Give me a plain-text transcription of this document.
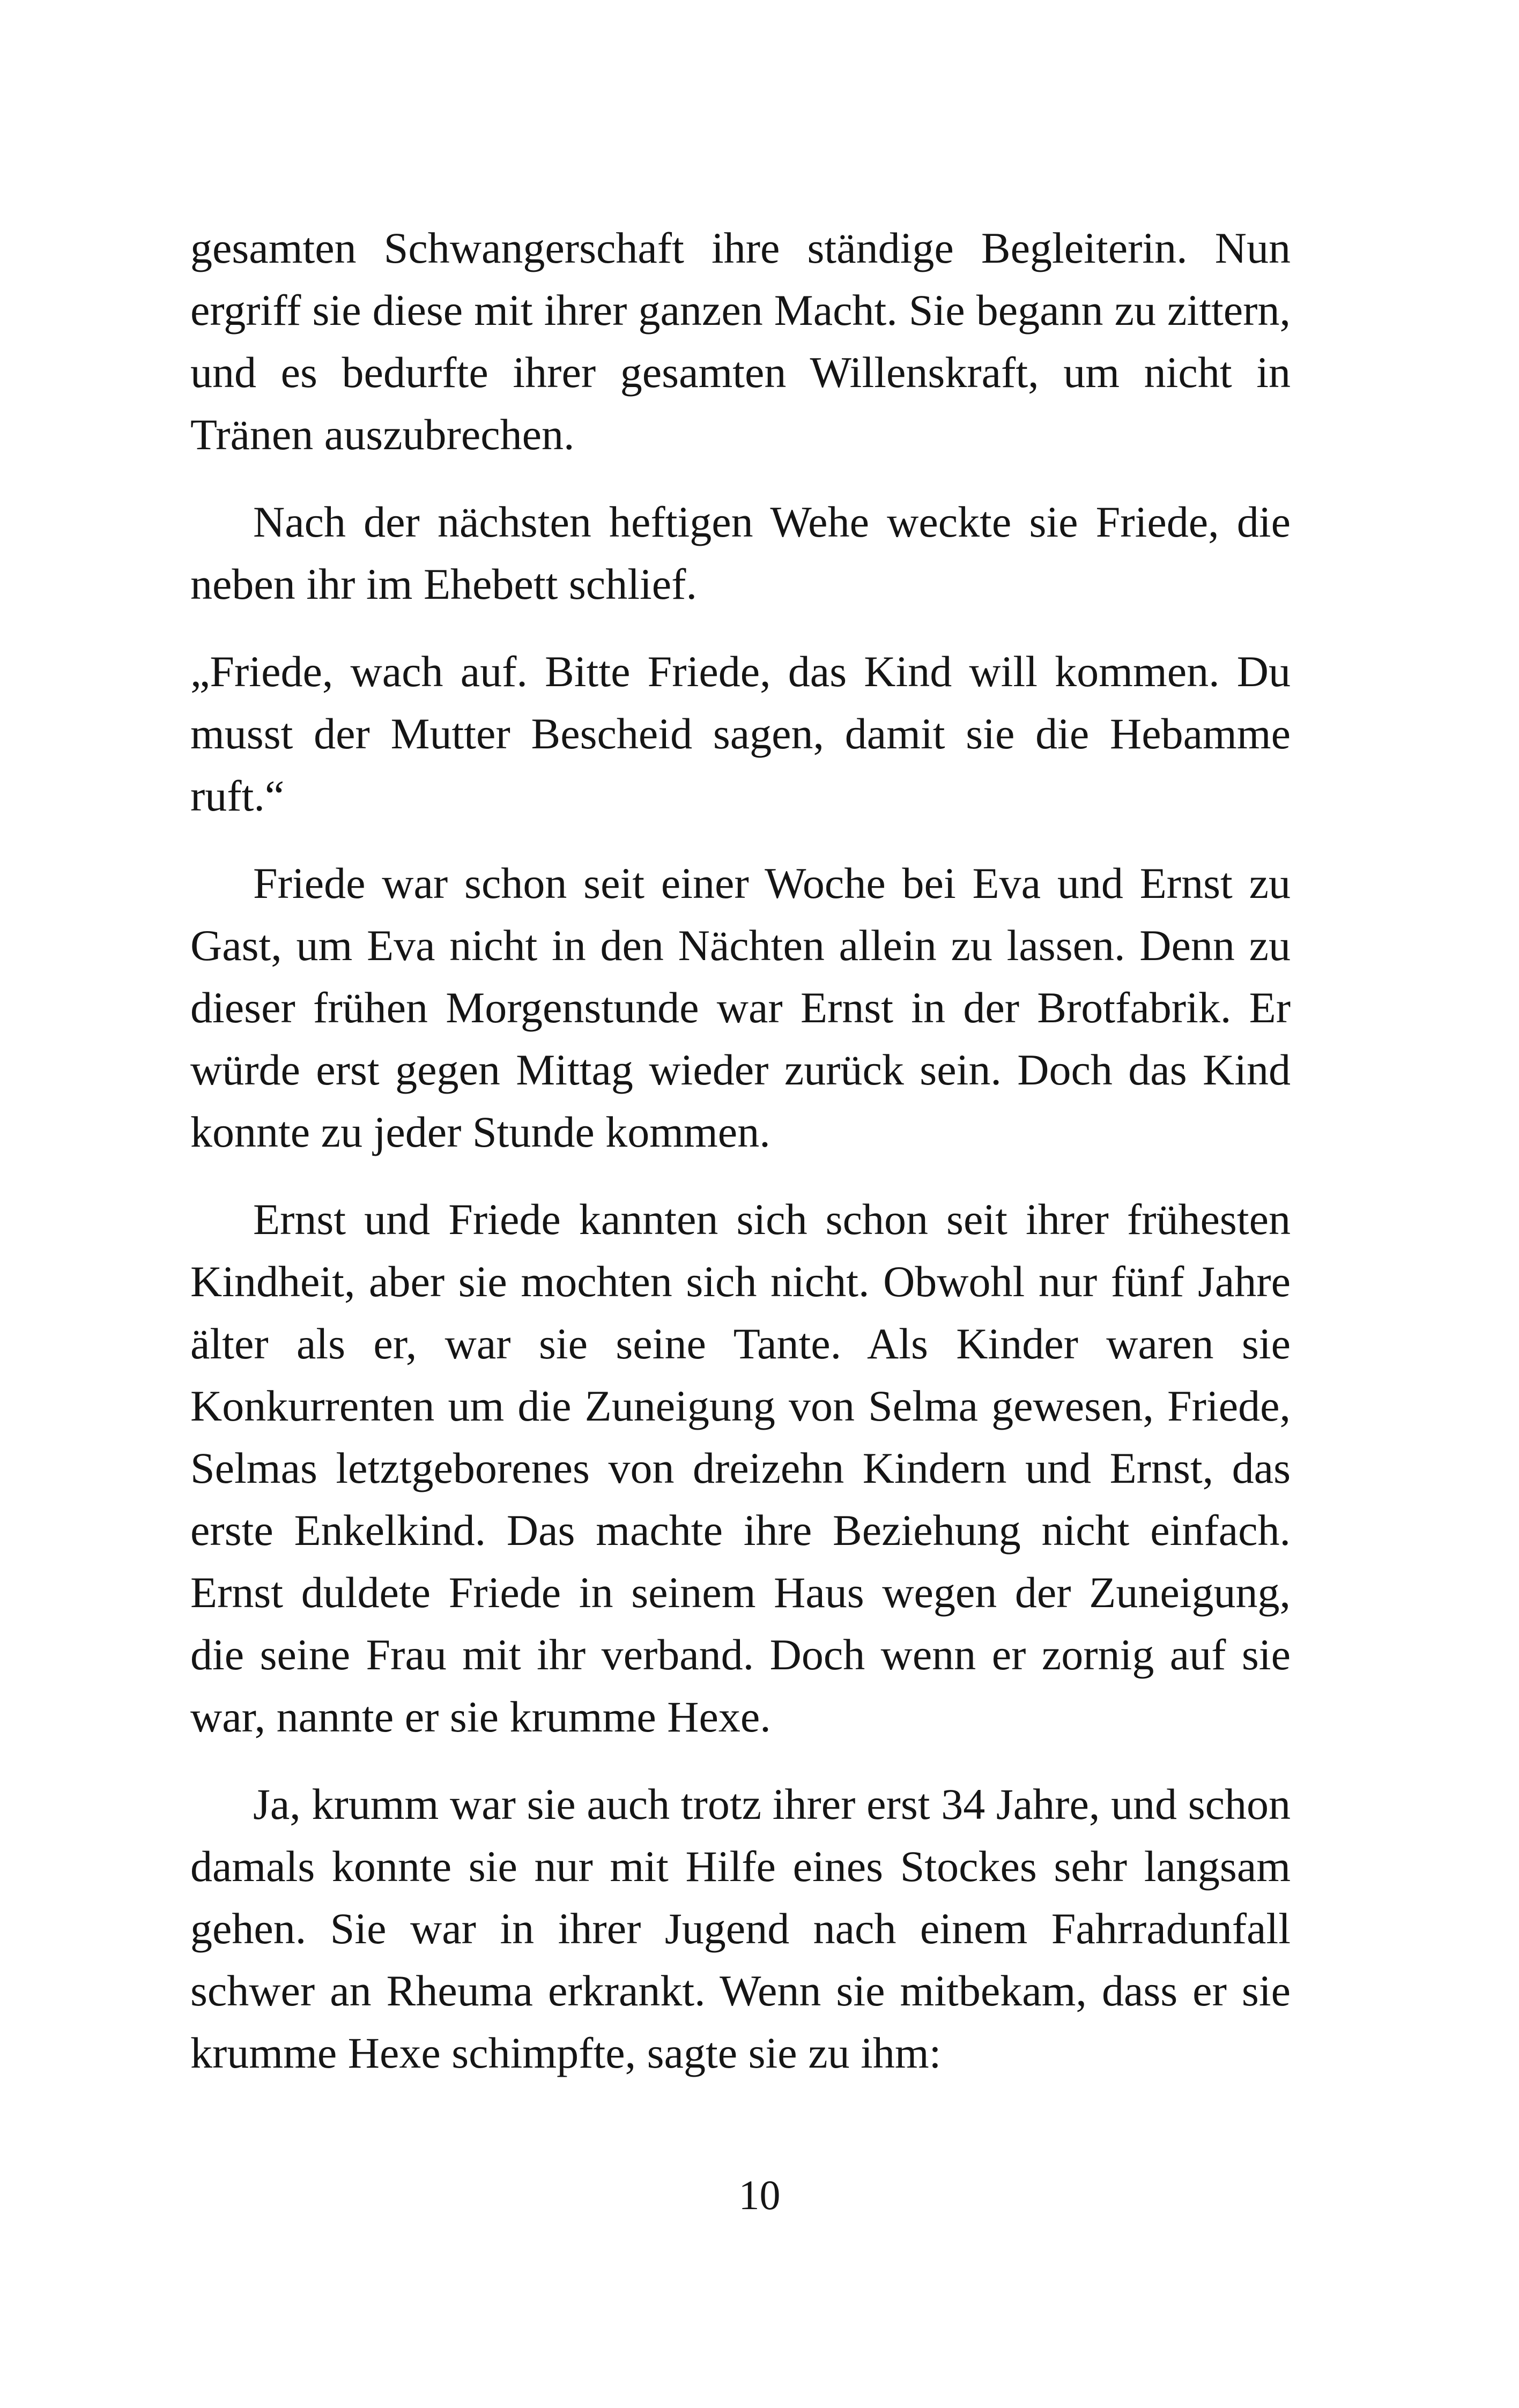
gesamten Schwangerschaft ihre ständige Begleiterin. Nun ergriff sie diese mit ihrer ganzen Macht. Sie begann zu zittern, und es bedurfte ihrer gesamten Willenskraft, um nicht in Tränen auszubrechen.

Nach der nächsten heftigen Wehe weckte sie Friede, die neben ihr im Ehebett schlief.

„Friede, wach auf. Bitte Friede, das Kind will kommen. Du musst der Mutter Bescheid sagen, damit sie die Hebamme ruft.“

Friede war schon seit einer Woche bei Eva und Ernst zu Gast, um Eva nicht in den Nächten allein zu lassen. Denn zu dieser frühen Morgenstunde war Ernst in der Brotfabrik. Er würde erst gegen Mittag wieder zurück sein. Doch das Kind konnte zu jeder Stunde kommen.

Ernst und Friede kannten sich schon seit ihrer frühesten Kindheit, aber sie mochten sich nicht. Obwohl nur fünf Jahre älter als er, war sie seine Tante. Als Kinder waren sie Konkurrenten um die Zuneigung von Selma gewesen, Friede, Selmas letztgeborenes von dreizehn Kindern und Ernst, das erste Enkelkind. Das machte ihre Beziehung nicht einfach. Ernst duldete Friede in seinem Haus wegen der Zuneigung, die seine Frau mit ihr verband. Doch wenn er zornig auf sie war, nannte er sie krumme Hexe.

Ja, krumm war sie auch trotz ihrer erst 34 Jahre, und schon damals konnte sie nur mit Hilfe eines Stockes sehr langsam gehen. Sie war in ihrer Jugend nach einem Fahrradunfall schwer an Rheuma erkrankt. Wenn sie mitbekam, dass er sie krumme Hexe schimpfte, sagte sie zu ihm:

10
